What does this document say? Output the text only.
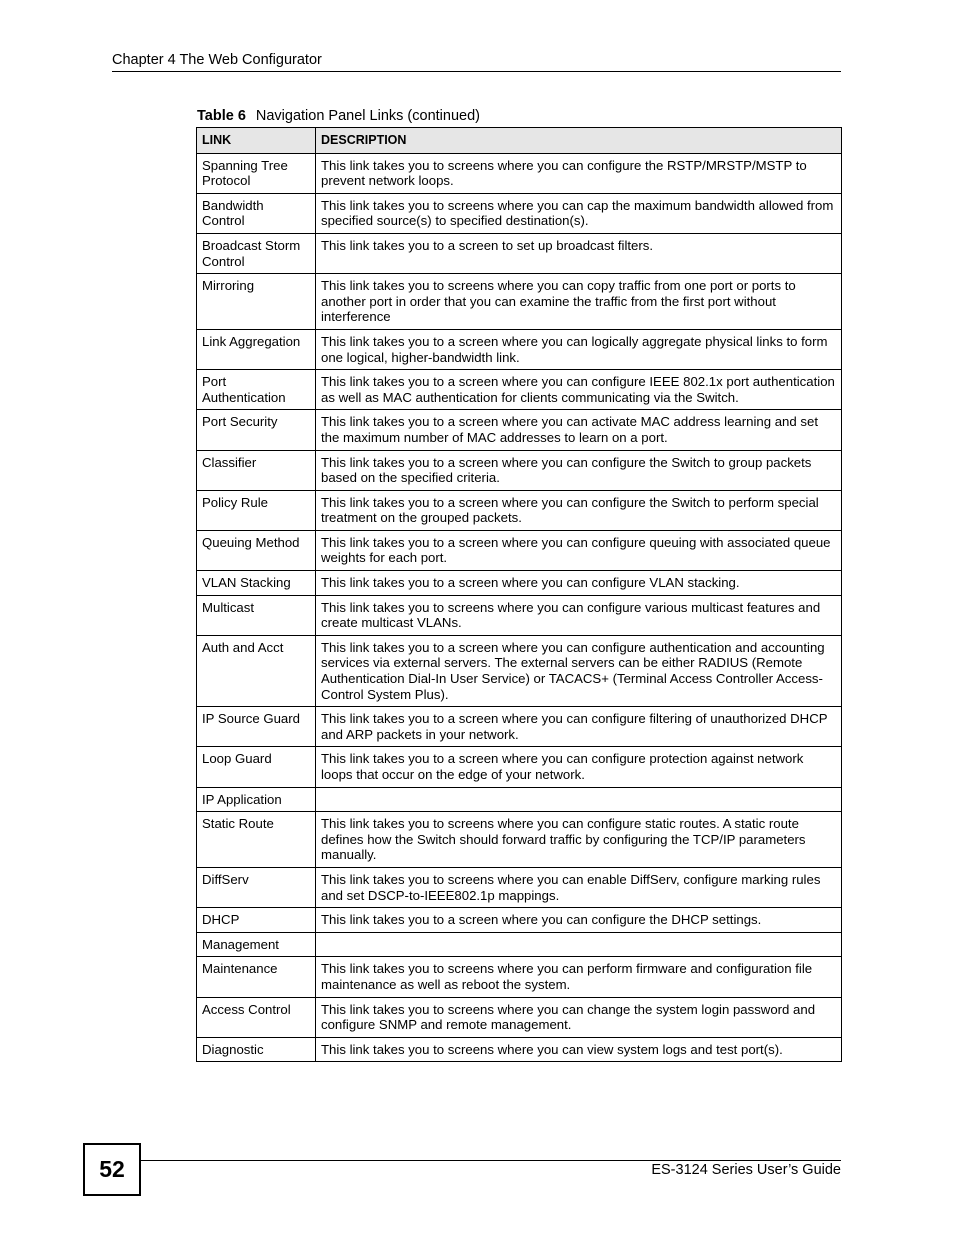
Chapter 4 The Web Configurator
Table 6 Navigation Panel Links (continued)
LINK	DESCRIPTION
Spanning Tree Protocol	This link takes you to screens where you can configure the RSTP/MRSTP/MSTP to prevent network loops.
Bandwidth Control	This link takes you to screens where you can cap the maximum bandwidth allowed from specified source(s) to specified destination(s).
Broadcast Storm Control	This link takes you to a screen to set up broadcast filters.
Mirroring	This link takes you to screens where you can copy traffic from one port or ports to another port in order that you can examine the traffic from the first port without interference
Link Aggregation	This link takes you to a screen where you can logically aggregate physical links to form one logical, higher-bandwidth link.
Port Authentication	This link takes you to a screen where you can configure IEEE 802.1x port authentication as well as MAC authentication for clients communicating via the Switch.
Port Security	This link takes you to a screen where you can activate MAC address learning and set the maximum number of MAC addresses to learn on a port.
Classifier	This link takes you to a screen where you can configure the Switch to group packets based on the specified criteria.
Policy Rule	This link takes you to a screen where you can configure the Switch to perform special treatment on the grouped packets.
Queuing Method	This link takes you to a screen where you can configure queuing with associated queue weights for each port.
VLAN Stacking	This link takes you to a screen where you can configure VLAN stacking.
Multicast	This link takes you to screens where you can configure various multicast features and create multicast VLANs.
Auth and Acct	This link takes you to a screen where you can configure authentication and accounting services via external servers. The external servers can be either RADIUS (Remote Authentication Dial-In User Service) or TACACS+ (Terminal Access Controller Access-Control System Plus).
IP Source Guard	This link takes you to a screen where you can configure filtering of unauthorized DHCP and ARP packets in your network.
Loop Guard	This link takes you to a screen where you can configure protection against network loops that occur on the edge of your network.
IP Application	
Static Route	This link takes you to screens where you can configure static routes. A static route defines how the Switch should forward traffic by configuring the TCP/IP parameters manually.
DiffServ	This link takes you to screens where you can enable DiffServ, configure marking rules and set DSCP-to-IEEE802.1p mappings.
DHCP	This link takes you to a screen where you can configure the DHCP settings.
Management	
Maintenance	This link takes you to screens where you can perform firmware and configuration file maintenance as well as reboot the system.
Access Control	This link takes you to screens where you can change the system login password and configure SNMP and remote management.
Diagnostic	This link takes you to screens where you can view system logs and test port(s).
52	ES-3124 Series User’s Guide
